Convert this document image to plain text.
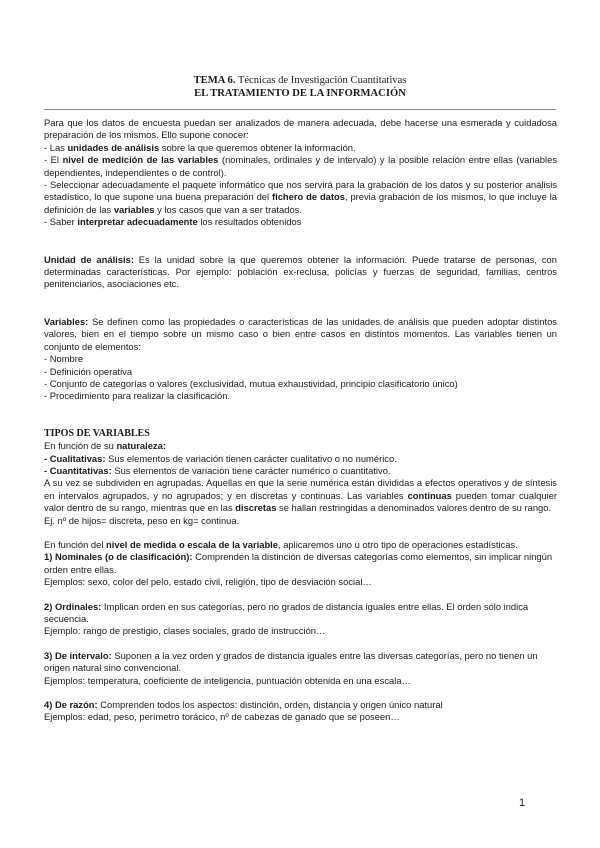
TEMA 6. Técnicas de Investigación Cuantitativas
EL TRATAMIENTO DE LA INFORMACIÓN

Para que los datos de encuesta puedan ser analizados de manera adecuada, debe hacerse una esmerada y cuidadosa preparación de los mismos. Ello supone conocer:

- Las unidades de análisis sobre la que queremos obtener la información.

- El nivel de medición de las variables (nominales, ordinales y de intervalo) y la posible relación entre ellas (variables dependientes, independientes o de control).

- Seleccionar adecuadamente el paquete informático que nos servirá para la grabación de los datos y su posterior análisis estadístico, lo que supone una buena preparación del fichero de datos, previa grabación de los mismos, lo que incluye la definición de las variables y los casos que van a ser tratados.

- Saber interpretar adecuadamente los resultados obtenidos

Unidad de análisis: Es la unidad sobre la que queremos obtener la información. Puede tratarse de personas, con determinadas características. Por ejemplo: población ex-reclusa, policías y fuerzas de seguridad, familias, centros penitenciarios, asociaciones etc.

Variables: Se definen como las propiedades o características de las unidades de análisis que pueden adoptar distintos valores, bien en el tiempo sobre un mismo caso o bien entre casos en distintos momentos. Las variables tienen un conjunto de elementos:

- Nombre

- Definición operativa

- Conjunto de categorías o valores (exclusividad, mutua exhaustividad, principio clasificatorio único)

- Procedimiento para realizar la clasificación.

TIPOS DE VARIABLES

En función de su naturaleza:

- Cualitativas: Sus elementos de variación tienen carácter cualitativo o no numérico.

- Cuantitativas: Sus elementos de variación tiene carácter numérico o cuantitativo.

A su vez se subdividen en agrupadas. Aquellas en que la serie numérica están divididas a efectos operativos y de síntesis en intervalos agrupados, y no agrupados; y en discretas y continuas. Las variables continuas pueden tomar cualquier valor dentro de su rango, mientras que en las discretas se hallan restringidas a denominados valores dentro de su rango.

Ej. nº de hijos= discreta, peso en kg= continua.

En función del nivel de medida o escala de la variable, aplicaremos uno u otro tipo de operaciones estadísticas.

1) Nominales (o de clasificación): Comprenden la distinción de diversas categorías como elementos, sin implicar ningún orden entre ellas.

Ejemplos: sexo, color del pelo, estado civil, religión, tipo de desviación social…

2) Ordinales: Implican orden en sus categorías, pero no grados de distancia iguales entre ellas. El orden sólo indica secuencia.

Ejemplo: rango de prestigio, clases sociales, grado de instrucción…

3) De intervalo: Suponen a la vez orden y grados de distancia iguales entre las diversas categorías, pero no tienen un origen natural sino convencional.

Ejemplos: temperatura, coeficiente de inteligencia, puntuación obtenida en una escala…

4) De razón: Comprenden todos los aspectos: distinción, orden, distancia y origen único natural

Ejemplos: edad, peso, perímetro torácico, nº de cabezas de ganado que se poseen…

1
